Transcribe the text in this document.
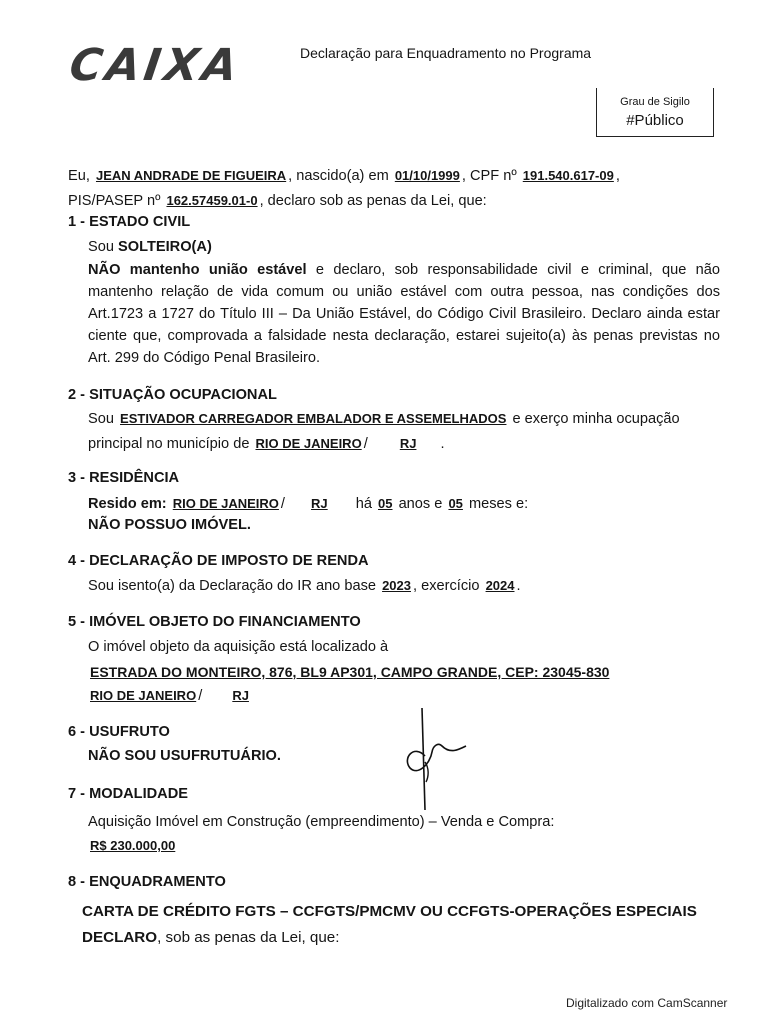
CAIXA	Declaração para Enquadramento no Programa
Grau de Sigilo
#Público
Eu, JEAN ANDRADE DE FIGUEIRA , nascido(a) em 01/10/1999 , CPF nº 191.540.617-09 ,
PIS/PASEP nº 162.57459.01-0 , declaro sob as penas da Lei, que:
1 - ESTADO CIVIL
Sou SOLTEIRO(A)
NÃO mantenho união estável e declaro, sob responsabilidade civil e criminal, que não mantenho relação de vida comum ou união estável com outra pessoa, nas condições dos Art.1723 a 1727 do Título III – Da União Estável, do Código Civil Brasileiro. Declaro ainda estar ciente que, comprovada a falsidade nesta declaração, estarei sujeito(a) às penas previstas no Art. 299 do Código Penal Brasileiro.
2 - SITUAÇÃO OCUPACIONAL
Sou ESTIVADOR CARREGADOR EMBALADOR E ASSEMELHADOS e exerço minha ocupação
principal no município de RIO DE JANEIRO / RJ .
3 - RESIDÊNCIA
Resido em: RIO DE JANEIRO / RJ há 05 anos e 05 meses e:
NÃO POSSUO IMÓVEL.
4 - DECLARAÇÃO DE IMPOSTO DE RENDA
Sou isento(a) da Declaração do IR ano base 2023 , exercício 2024 .
5 - IMÓVEL OBJETO DO FINANCIAMENTO
O imóvel objeto da aquisição está localizado à
ESTRADA DO MONTEIRO, 876, BL9 AP301, CAMPO GRANDE, CEP: 23045-830
RIO DE JANEIRO / RJ
6 - USUFRUTO
NÃO SOU USUFRUTUÁRIO.
7 - MODALIDADE
Aquisição Imóvel em Construção (empreendimento) – Venda e Compra:
R$ 230.000,00
8 - ENQUADRAMENTO
CARTA DE CRÉDITO FGTS – CCFGTS/PMCMV OU CCFGTS-OPERAÇÕES ESPECIAIS
DECLARO, sob as penas da Lei, que:
Digitalizado com CamScanner
